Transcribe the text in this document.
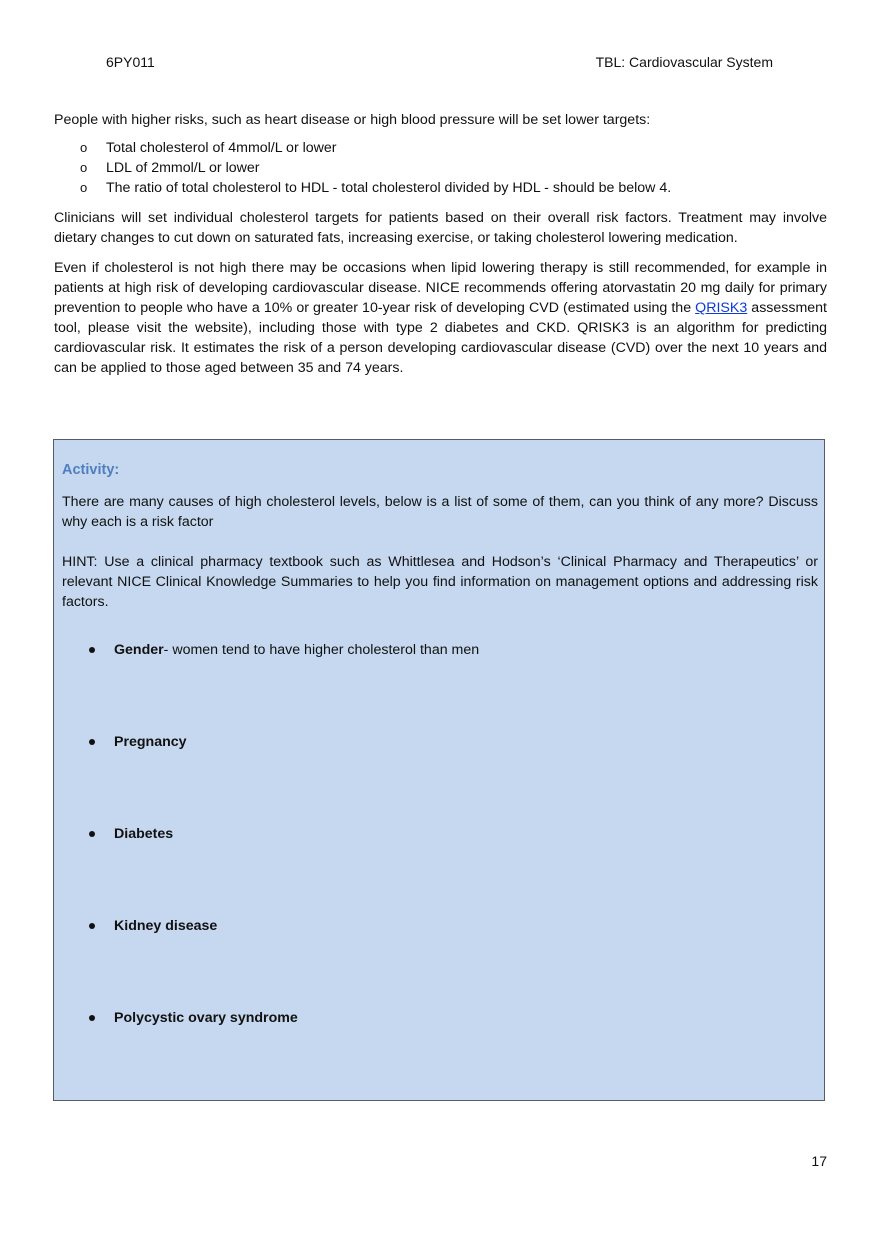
6PY011	TBL: Cardiovascular System

People with higher risks, such as heart disease or high blood pressure will be set lower targets:

o Total cholesterol of 4mmol/L or lower
o LDL of 2mmol/L or lower
o The ratio of total cholesterol to HDL - total cholesterol divided by HDL - should be below 4.

Clinicians will set individual cholesterol targets for patients based on their overall risk factors. Treatment may involve dietary changes to cut down on saturated fats, increasing exercise, or taking cholesterol lowering medication.

Even if cholesterol is not high there may be occasions when lipid lowering therapy is still recommended, for example in patients at high risk of developing cardiovascular disease. NICE recommends offering atorvastatin 20 mg daily for primary prevention to people who have a 10% or greater 10-year risk of developing CVD (estimated using the QRISK3 assessment tool, please visit the website), including those with type 2 diabetes and CKD. QRISK3 is an algorithm for predicting cardiovascular risk. It estimates the risk of a person developing cardiovascular disease (CVD) over the next 10 years and can be applied to those aged between 35 and 74 years.

Activity:

There are many causes of high cholesterol levels, below is a list of some of them, can you think of any more? Discuss why each is a risk factor

HINT: Use a clinical pharmacy textbook such as Whittlesea and Hodson’s ‘Clinical Pharmacy and Therapeutics’ or relevant NICE Clinical Knowledge Summaries to help you find information on management options and addressing risk factors.

Gender- women tend to have higher cholesterol than men
Pregnancy
Diabetes
Kidney disease
Polycystic ovary syndrome
17
